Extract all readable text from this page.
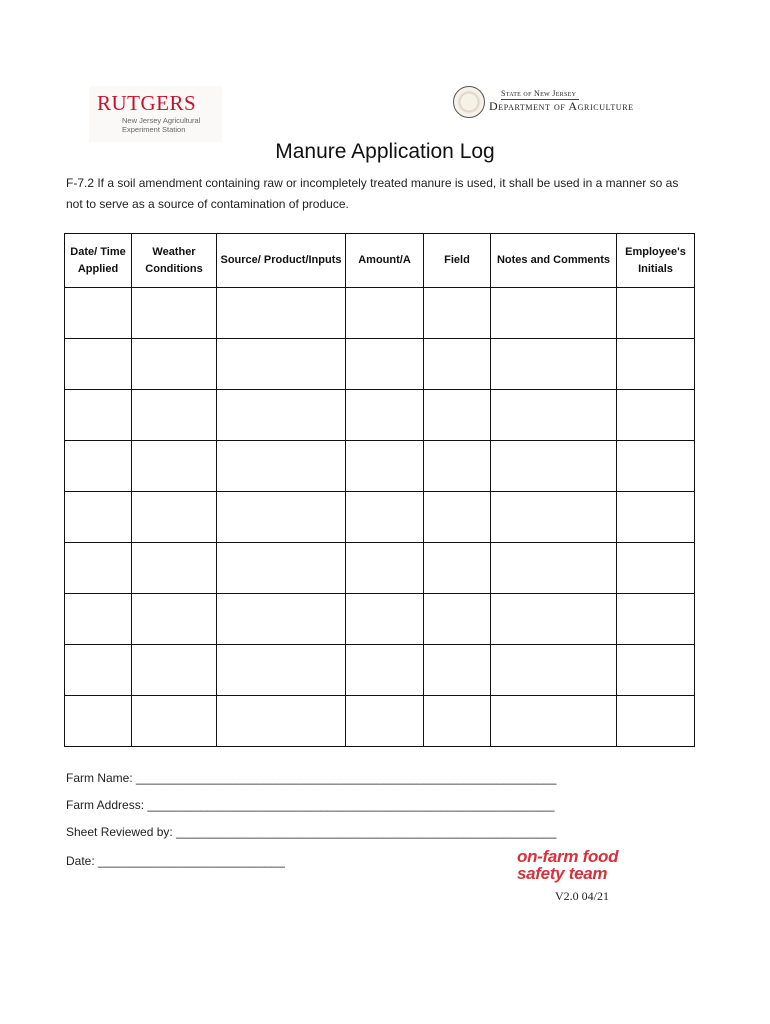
RUTGERS
New Jersey Agricultural
Experiment Station
State of New Jersey
Department of Agriculture
Manure Application Log
F-7.2 If a soil amendment containing raw or incompletely treated manure is used, it shall be used in a manner so as not to serve as a source of contamination of produce.
Date/ Time Applied	Weather Conditions	Source/ Product/Inputs	Amount/A	Field	Notes and Comments	Employee's Initials

Farm Name: _______________________________________________________________
Farm Address: _____________________________________________________________
Sheet Reviewed by: _________________________________________________________
Date: ____________________________	on-farm food
safety team
V2.0 04/21
